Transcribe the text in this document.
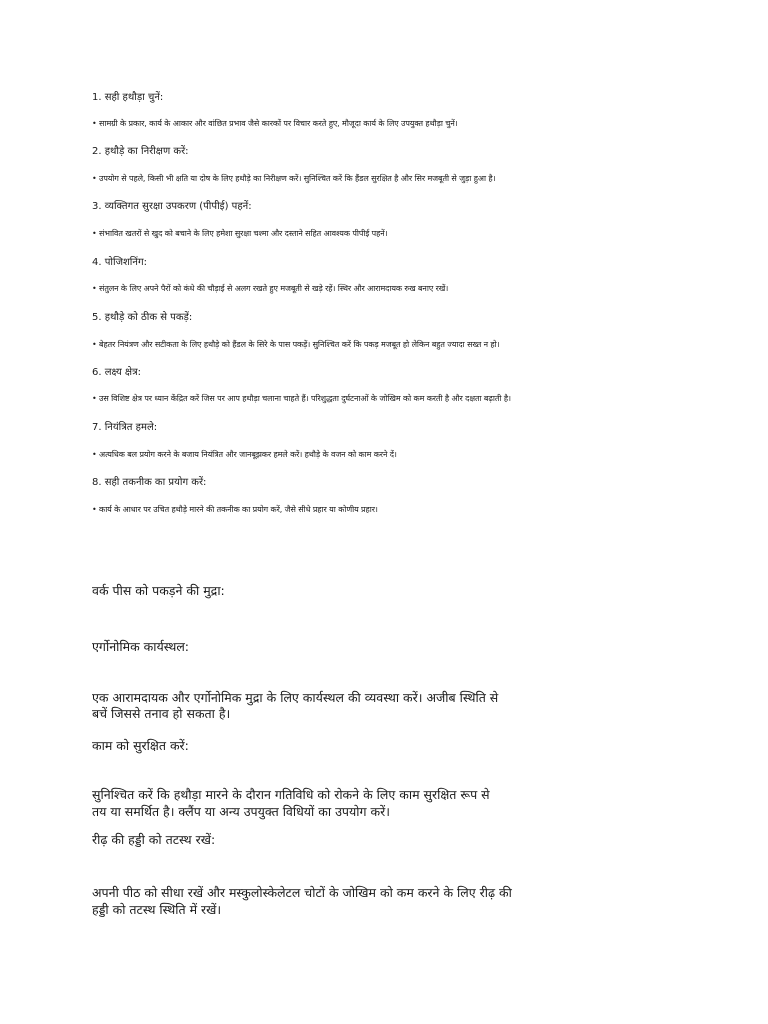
1. सही हथौड़ा चुनें:
• सामग्री के प्रकार, कार्य के आकार और वांछित प्रभाव जैसे कारकों पर विचार करते हुए, मौजूदा कार्य के लिए उपयुक्त हथौड़ा चुनें।
2. हथौड़े का निरीक्षण करें:
• उपयोग से पहले, किसी भी क्षति या दोष के लिए हथौड़े का निरीक्षण करें। सुनिश्चित करें कि हैंडल सुरक्षित है और सिर मजबूती से जुड़ा हुआ है।
3. व्यक्तिगत सुरक्षा उपकरण (पीपीई) पहनें:
• संभावित खतरों से खुद को बचाने के लिए हमेशा सुरक्षा चश्मा और दस्ताने सहित आवश्यक पीपीई पहनें।
4. पोजिशनिंग:
• संतुलन के लिए अपने पैरों को कंधे की चौड़ाई से अलग रखते हुए मजबूती से खड़े रहें। स्थिर और आरामदायक रुख बनाए रखें।
5. हथौड़े को ठीक से पकड़ें:
• बेहतर नियंत्रण और सटीकता के लिए हथौड़े को हैंडल के सिरे के पास पकड़ें। सुनिश्चित करें कि पकड़ मजबूत हो लेकिन बहुत ज्यादा सख्त न हो।
6. लक्ष्य क्षेत्र:
• उस विशिष्ट क्षेत्र पर ध्यान केंद्रित करें जिस पर आप हथौड़ा चलाना चाहते हैं। परिशुद्धता दुर्घटनाओं के जोखिम को कम करती है और दक्षता बढ़ाती है।
7. नियंत्रित हमले:
• अत्यधिक बल प्रयोग करने के बजाय नियंत्रित और जानबूझकर हमले करें। हथौड़े के वजन को काम करने दें।
8. सही तकनीक का प्रयोग करें:
• कार्य के आधार पर उचित हथौड़े मारने की तकनीक का प्रयोग करें, जैसे सीधे प्रहार या कोणीय प्रहार।
वर्क पीस को पकड़ने की मुद्रा:
एर्गोनोमिक कार्यस्थल:
एक आरामदायक और एर्गोनोमिक मुद्रा के लिए कार्यस्थल की व्यवस्था करें। अजीब स्थिति से
बचें जिससे तनाव हो सकता है।
काम को सुरक्षित करें:
सुनिश्चित करें कि हथौड़ा मारने के दौरान गतिविधि को रोकने के लिए काम सुरक्षित रूप से
तय या समर्थित है। क्लैंप या अन्य उपयुक्त विधियों का उपयोग करें।
रीढ़ की हड्डी को तटस्थ रखें:
अपनी पीठ को सीधा रखें और मस्कुलोस्केलेटल चोटों के जोखिम को कम करने के लिए रीढ़ की
हड्डी को तटस्थ स्थिति में रखें।
